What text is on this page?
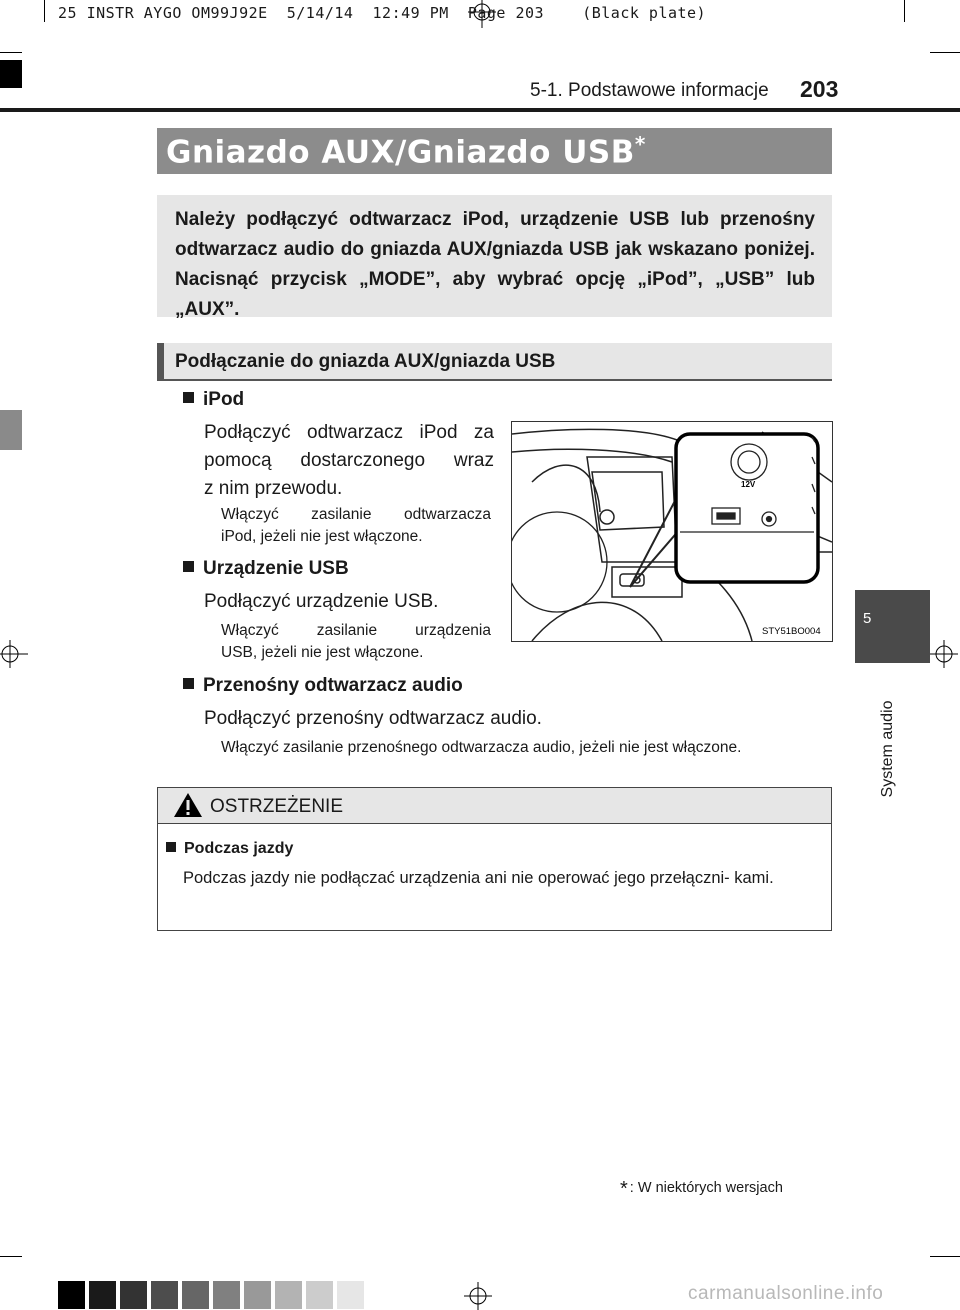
25 INSTR AYGO OM99J92E  5/14/14  12:49 PM  Page 203    (Black plate)
5-1. Podstawowe informacje 203
Gniazdo AUX/Gniazdo USB*
Należy podłączyć odtwarzacz iPod, urządzenie USB lub przenośny odtwarzacz audio do gniazda AUX/gniazda USB jak wskazano poniżej. Nacisnąć przycisk „MODE”, aby wybrać opcję „iPod”, „USB” lub „AUX”.
Podłączanie do gniazda AUX/gniazda USB
iPod
Podłączyć odtwarzacz iPod za
pomocą dostarczonego wraz
z nim przewodu.
Włączyć zasilanie odtwarzacza
iPod, jeżeli nie jest włączone.
Urządzenie USB
Podłączyć urządzenie USB.
Włączyć zasilanie urządzenia
USB, jeżeli nie jest włączone.
Przenośny odtwarzacz audio
Podłączyć przenośny odtwarzacz audio.
Włączyć zasilanie przenośnego odtwarzacza audio, jeżeli nie jest włączone.
12V
STY51BO004
OSTRZEŻENIE
Podczas jazdy
Podczas jazdy nie podłączać urządzenia ani nie operować jego przełączni- kami.
5
System audio
* : W niektórych wersjach
carmanualsonline.info
